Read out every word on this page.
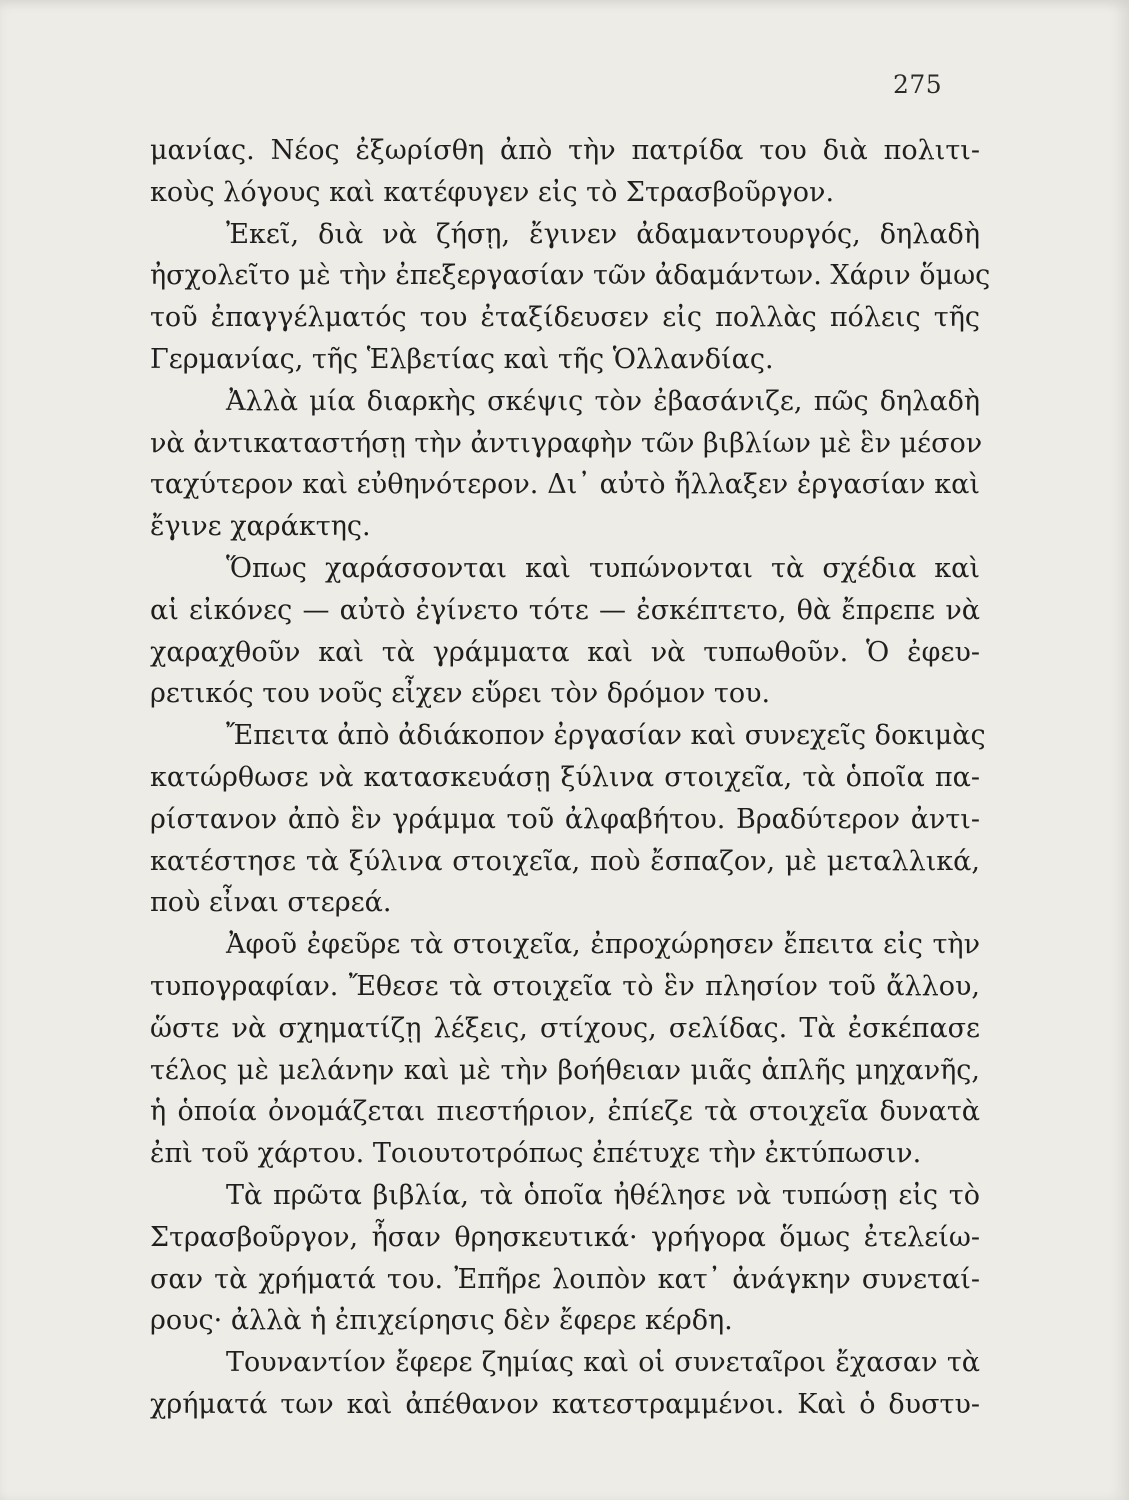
275
μανίας. Νέος ἐξωρίσθη ἀπὸ τὴν πατρίδα του διὰ πολιτι-
κοὺς λόγους καὶ κατέφυγεν εἰς τὸ Στρασβοῦργον.
Ἐκεῖ, διὰ νὰ ζήσῃ, ἔγινεν ἀδαμαντουργός, δηλαδὴ
ἠσχολεῖτο μὲ τὴν ἐπεξεργασίαν τῶν ἀδαμάντων. Χάριν ὅμως
τοῦ ἐπαγγέλματός του ἐταξίδευσεν εἰς πολλὰς πόλεις τῆς
Γερμανίας, τῆς Ἑλβετίας καὶ τῆς Ὁλλανδίας.
Ἀλλὰ μία διαρκὴς σκέψις τὸν ἐβασάνιζε, πῶς δηλαδὴ
νὰ ἀντικαταστήσῃ τὴν ἀντιγραφὴν τῶν βιβλίων μὲ ἓν μέσον
ταχύτερον καὶ εὐθηνότερον. Δι᾽ αὐτὸ ἤλλαξεν ἐργασίαν καὶ
ἔγινε χαράκτης.
Ὅπως χαράσσονται καὶ τυπώνονται τὰ σχέδια καὶ
αἱ εἰκόνες — αὐτὸ ἐγίνετο τότε — ἐσκέπτετο, θὰ ἔπρεπε νὰ
χαραχθοῦν καὶ τὰ γράμματα καὶ νὰ τυπωθοῦν. Ὁ ἐφευ-
ρετικός του νοῦς εἶχεν εὕρει τὸν δρόμον του.
Ἔπειτα ἀπὸ ἀδιάκοπον ἐργασίαν καὶ συνεχεῖς δοκιμὰς
κατώρθωσε νὰ κατασκευάσῃ ξύλινα στοιχεῖα, τὰ ὁποῖα πα-
ρίστανον ἀπὸ ἓν γράμμα τοῦ ἀλφαβήτου. Βραδύτερον ἀντι-
κατέστησε τὰ ξύλινα στοιχεῖα, ποὺ ἔσπαζον, μὲ μεταλλικά,
ποὺ εἶναι στερεά.
Ἀφοῦ ἐφεῦρε τὰ στοιχεῖα, ἐπροχώρησεν ἔπειτα εἰς τὴν
τυπογραφίαν. Ἔθεσε τὰ στοιχεῖα τὸ ἓν πλησίον τοῦ ἄλλου,
ὥστε νὰ σχηματίζῃ λέξεις, στίχους, σελίδας. Τὰ ἐσκέπασε
τέλος μὲ μελάνην καὶ μὲ τὴν βοήθειαν μιᾶς ἁπλῆς μηχανῆς,
ἡ ὁποία ὀνομάζεται πιεστήριον, ἐπίεζε τὰ στοιχεῖα δυνατὰ
ἐπὶ τοῦ χάρτου. Τοιουτοτρόπως ἐπέτυχε τὴν ἐκτύπωσιν.
Τὰ πρῶτα βιβλία, τὰ ὁποῖα ἠθέλησε νὰ τυπώσῃ εἰς τὸ
Στρασβοῦργον, ἦσαν θρησκευτικά· γρήγορα ὅμως ἐτελείω-
σαν τὰ χρήματά του. Ἐπῆρε λοιπὸν κατ᾽ ἀνάγκην συνεταί-
ρους· ἀλλὰ ἡ ἐπιχείρησις δὲν ἔφερε κέρδη.
Τουναντίον ἔφερε ζημίας καὶ οἱ συνεταῖροι ἔχασαν τὰ
χρήματά των καὶ ἀπέθανον κατεστραμμένοι. Καὶ ὁ δυστυ-
